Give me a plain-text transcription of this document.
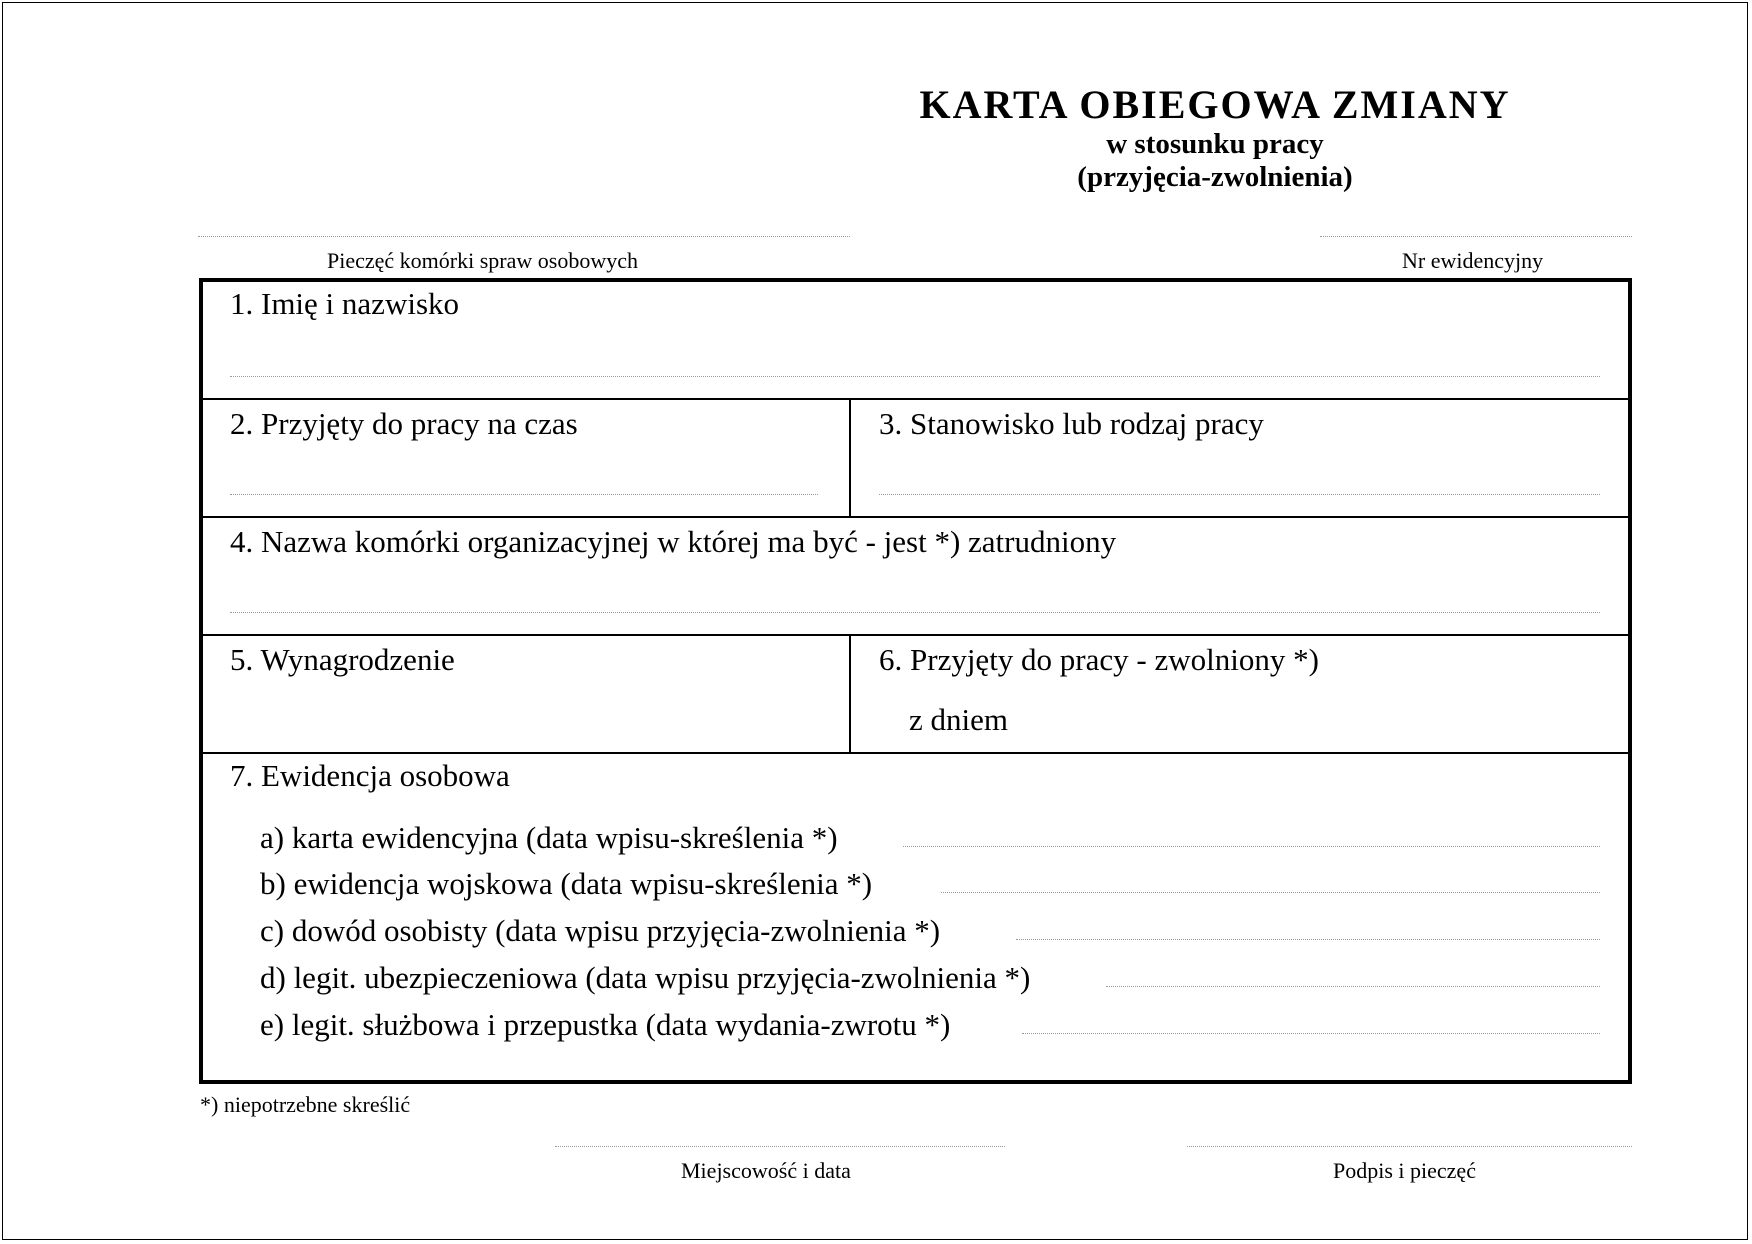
KARTA OBIEGOWA ZMIANY
w stosunku pracy
(przyjęcia-zwolnienia)
Pieczęć komórki spraw osobowych	Nr ewidencyjny
1. Imię i nazwisko
2. Przyjęty do pracy na czas	3. Stanowisko lub rodzaj pracy
4. Nazwa komórki organizacyjnej w której ma być - jest *) zatrudniony
5. Wynagrodzenie	6. Przyjęty do pracy - zwolniony *)
z dniem
7. Ewidencja osobowa
a) karta ewidencyjna (data wpisu-skreślenia *)
b) ewidencja wojskowa (data wpisu-skreślenia *)
c) dowód osobisty (data wpisu przyjęcia-zwolnienia *)
d) legit. ubezpieczeniowa (data wpisu przyjęcia-zwolnienia *)
e) legit. służbowa i przepustka (data wydania-zwrotu *)
*) niepotrzebne skreślić
Miejscowość i data	Podpis i pieczęć
